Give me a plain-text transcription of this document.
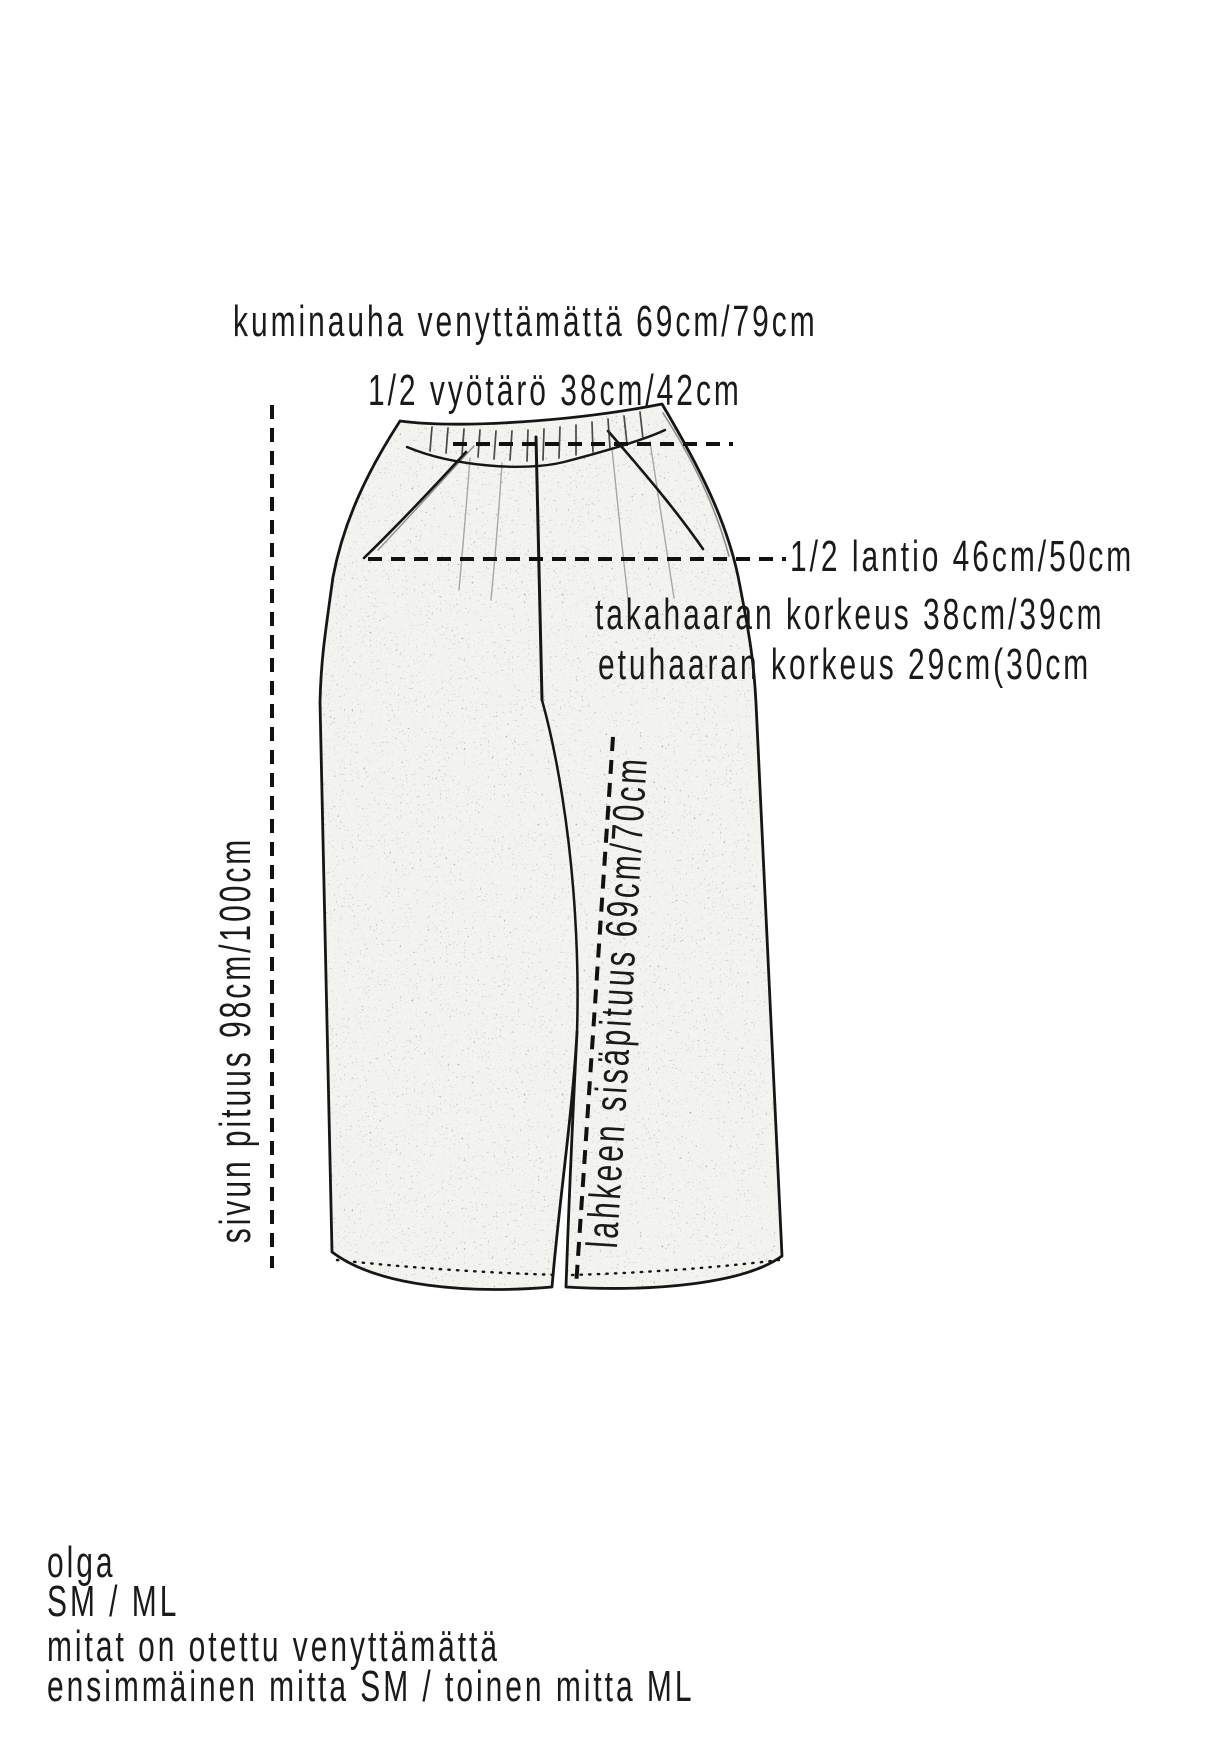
kuminauha venyttämättä 69cm/79cm
1/2 vyötärö 38cm/42cm
1/2 lantio 46cm/50cm
takahaaran korkeus 38cm/39cm
etuhaaran korkeus 29cm(30cm
sivun pituus 98cm/100cm	lahkeen sisäpituus 69cm/70cm
olga
SM / ML
mitat on otettu venyttämättä
ensimmäinen mitta SM / toinen mitta ML
